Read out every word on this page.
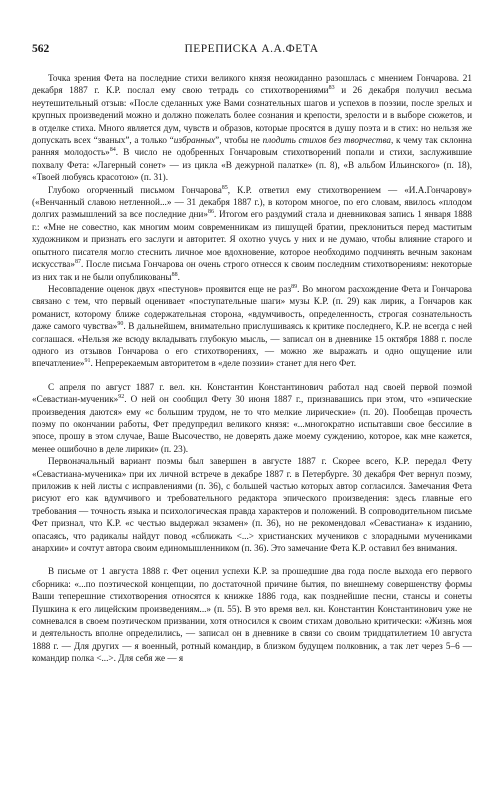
562	ПЕРЕПИСКА А.А.ФЕТА

Точка зрения Фета на последние стихи великого князя неожиданно разошлась с мнением Гончарова. 21 декабря 1887 г. К.Р. послал ему свою тетрадь со стихотворениями$^{83}$ и 26 декабря получил весьма неутешительный отзыв: «После сделанных уже Вами сознательных шагов и успехов в поэзии, после зрелых и крупных произведений можно и должно пожелать более сознания и крепости, зрелости и в выборе сюжетов, и в отделке стиха. Много является дум, чувств и образов, которые просятся в душу поэта и в стих: но нельзя же допускать всех “званых”, а только “избранных”, чтобы не плодить стихов без творчества, к чему так склонна ранняя молодость»$^{84}$. В число не одобренных Гончаровым стихотворений попали и стихи, заслужившие похвалу Фета: «Лагерный сонет» — из цикла «В дежурной палатке» (п. 8), «В альбом Ильинского» (п. 18), «Твоей любуясь красотою» (п. 31).

Глубоко огорченный письмом Гончарова$^{85}$, К.Р. ответил ему стихотворением — «И.А.Гончарову» («Венчанный славою нетленной...» — 31 декабря 1887 г.), в котором многое, по его словам, явилось «плодом долгих размышлений за все последние дни»$^{86}$. Итогом его раздумий стала и дневниковая запись 1 января 1888 г.: «Мне не совестно, как многим моим современникам из пишущей братии, преклониться перед маститым художником и признать его заслуги и авторитет. Я охотно учусь у них и не думаю, чтобы влияние старого и опытного писателя могло стеснить личное мое вдохновение, которое необходимо подчинять вечным законам искусства»$^{87}$. После письма Гончарова он очень строго отнесся к своим последним стихотворениям: некоторые из них так и не были опубликованы$^{88}$.

Несовпадение оценок двух «пестунов» проявится еще не раз$^{89}$. Во многом расхождение Фета и Гончарова связано с тем, что первый оценивает «поступательные шаги» музы К.Р. (п. 29) как лирик, а Гончаров как романист, которому ближе содержательная сторона, «вдумчивость, определенность, строгая сознательность даже самого чувства»$^{90}$. В дальнейшем, внимательно прислушиваясь к критике последнего, К.Р. не всегда с ней соглашася. «Нельзя же всюду вкладывать глубокую мысль, — записал он в дневнике 15 октября 1888 г. после одного из отзывов Гончарова о его стихотворениях, — можно же выражать и одно ощущение или впечатление»$^{91}$. Непререкаемым авторитетом в «деле поэзии» станет для него Фет.

С апреля по август 1887 г. вел. кн. Константин Константинович работал над своей первой поэмой «Севастиан-мученик»$^{92}$. О ней он сообщил Фету 30 июня 1887 г., признавашись при этом, что «эпические произведения даются» ему «с большим трудом, не то что мелкие лирические» (п. 20). Пообещав прочесть поэму по окончании работы, Фет предупредил великого князя: «...многократно испытавши свое бессилие в эпосе, прошу в этом случае, Ваше Высочество, не доверять даже моему суждению, которое, как мне кажется, менее ошибочно в деле лирики» (п. 23).

Первоначальный вариант поэмы был завершен в августе 1887 г. Скорее всего, К.Р. передал Фету «Севастиана-мученика» при их личной встрече в декабре 1887 г. в Петербурге. 30 декабря Фет вернул поэму, приложив к ней листы с исправлениями (п. 36), с большей частью которых автор согласился. Замечания Фета рисуют его как вдумчивого и требовательного редактора эпического произведения: здесь главные его требования — точность языка и психологическая правда характеров и положений. В сопроводительном письме Фет признал, что К.Р. «с честью выдержал экзамен» (п. 36), но не рекомендовал «Севастиана» к изданию, опасаясь, что радикалы найдут повод «сближать <...> христианских мучеников с злорадными мучениками анархии» и сочтут автора своим единомышленником (п. 36). Это замечание Фета К.Р. оставил без внимания.

В письме от 1 августа 1888 г. Фет оценил успехи К.Р. за прошедшие два года после выхода его первого сборника: «...по поэтической концепции, по достаточной причине бытия, по внешнему совершенству формы Ваши теперешние стихотворения относятся к книжке 1886 года, как позднейшие песни, стансы и сонеты Пушкина к его лицейским произведениям...» (п. 55). В это время вел. кн. Константин Константинович уже не сомневался в своем поэтическом призвании, хотя относился к своим стихам довольно критически: «Жизнь моя и деятельность вполне определились, — записал он в дневнике в связи со своим тридцатилетием 10 августа 1888 г. — Для других — я военный, ротный командир, в близком будущем полковник, а так лет через 5–6 — командир полка <...>. Для себя же — я
